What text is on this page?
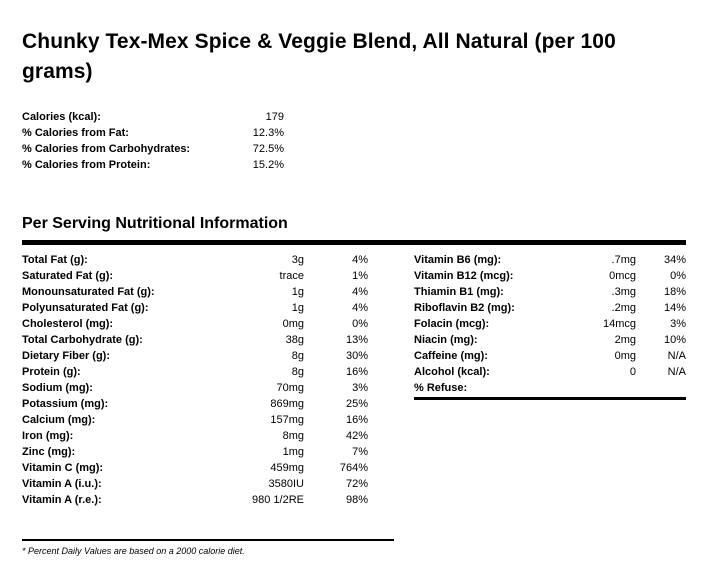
Chunky Tex-Mex Spice & Veggie Blend, All Natural (per 100 grams)
Calories (kcal):	179
% Calories from Fat:	12.3%
% Calories from Carbohydrates:	72.5%
% Calories from Protein:	15.2%
Per Serving Nutritional Information
Total Fat (g):	3g	4%
Saturated Fat (g):	trace	1%
Monounsaturated Fat (g):	1g	4%
Polyunsaturated Fat (g):	1g	4%
Cholesterol (mg):	0mg	0%
Total Carbohydrate (g):	38g	13%
Dietary Fiber (g):	8g	30%
Protein (g):	8g	16%
Sodium (mg):	70mg	3%
Potassium (mg):	869mg	25%
Calcium (mg):	157mg	16%
Iron (mg):	8mg	42%
Zinc (mg):	1mg	7%
Vitamin C (mg):	459mg	764%
Vitamin A (i.u.):	3580IU	72%
Vitamin A (r.e.):	980 1/2RE	98%
Vitamin B6 (mg):	.7mg	34%
Vitamin B12 (mcg):	0mcg	0%
Thiamin B1 (mg):	.3mg	18%
Riboflavin B2 (mg):	.2mg	14%
Folacin (mcg):	14mcg	3%
Niacin (mg):	2mg	10%
Caffeine (mg):	0mg	N/A
Alcohol (kcal):	0	N/A
% Refuse:
* Percent Daily Values are based on a 2000 calorie diet.
